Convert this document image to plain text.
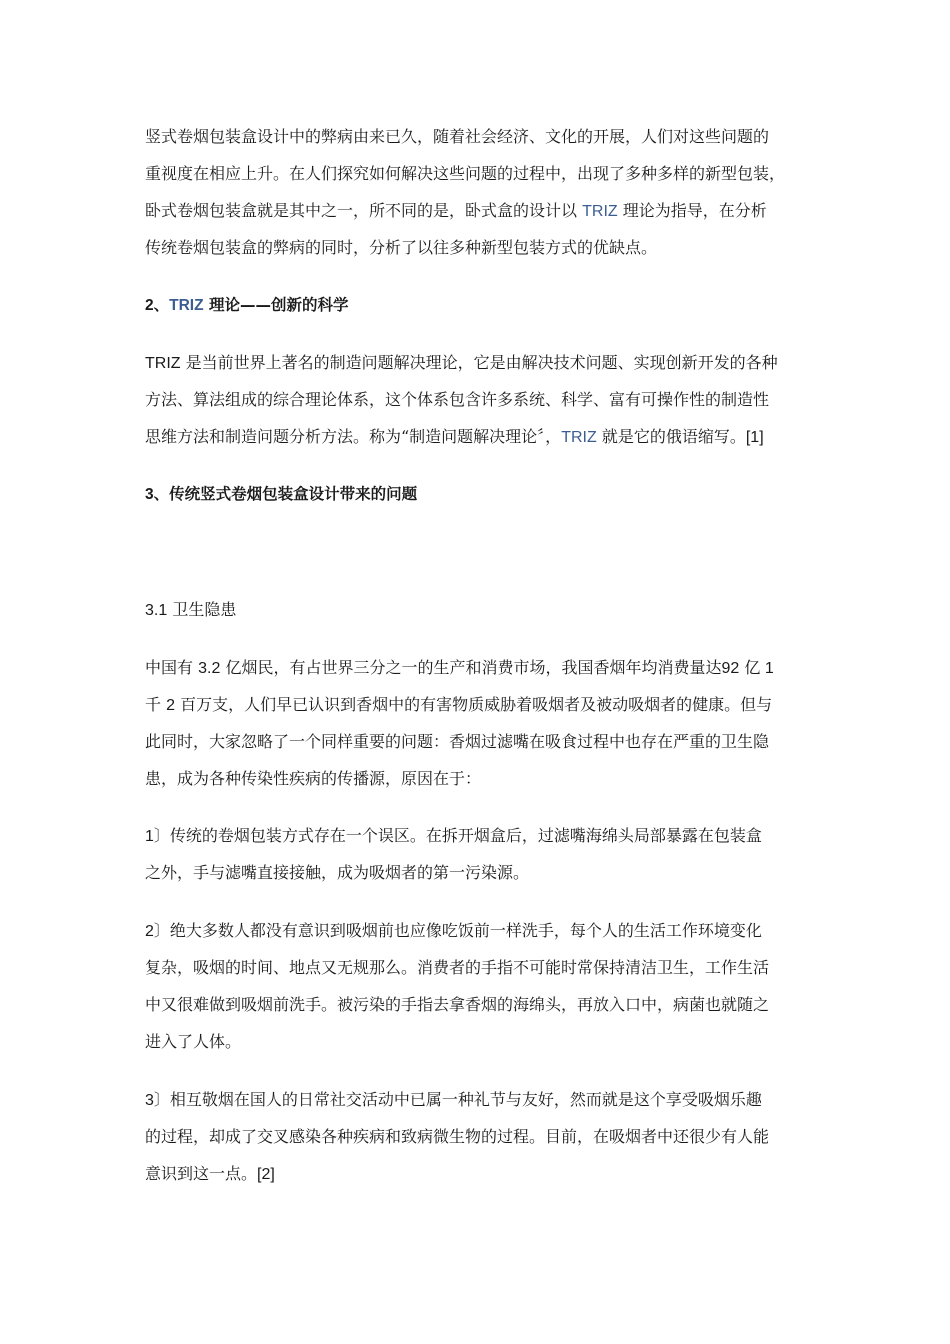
竖式卷烟包装盒设计中的弊病由来已久，随着社会经济、文化的开展，人们对这些问题的
重视度在相应上升。在人们探究如何解决这些问题的过程中，出现了多种多样的新型包装，
卧式卷烟包装盒就是其中之一，所不同的是，卧式盒的设计以 TRIZ 理论为指导，在分析
传统卷烟包装盒的弊病的同时，分析了以往多种新型包装方式的优缺点。
2、TRIZ 理论——创新的科学
TRIZ 是当前世界上著名的制造问题解决理论，它是由解决技术问题、实现创新开发的各种
方法、算法组成的综合理论体系，这个体系包含许多系统、科学、富有可操作性的制造性
思维方法和制造问题分析方法。称为“制造问题解决理论〞，TRIZ 就是它的俄语缩写。[1]
3、传统竖式卷烟包装盒设计带来的问题
3.1 卫生隐患
中国有 3.2 亿烟民，有占世界三分之一的生产和消费市场，我国香烟年均消费量达92 亿 1
千 2 百万支，人们早已认识到香烟中的有害物质威胁着吸烟者及被动吸烟者的健康。但与
此同时，大家忽略了一个同样重要的问题：香烟过滤嘴在吸食过程中也存在严重的卫生隐
患，成为各种传染性疾病的传播源，原因在于：
1〕传统的卷烟包装方式存在一个误区。在拆开烟盒后，过滤嘴海绵头局部暴露在包装盒
之外，手与滤嘴直接接触，成为吸烟者的第一污染源。
2〕绝大多数人都没有意识到吸烟前也应像吃饭前一样洗手，每个人的生活工作环境变化
复杂，吸烟的时间、地点又无规那么。消费者的手指不可能时常保持清洁卫生，工作生活
中又很难做到吸烟前洗手。被污染的手指去拿香烟的海绵头，再放入口中，病菌也就随之
进入了人体。
3〕相互敬烟在国人的日常社交活动中已属一种礼节与友好，然而就是这个享受吸烟乐趣
的过程，却成了交叉感染各种疾病和致病微生物的过程。目前，在吸烟者中还很少有人能
意识到这一点。[2]
